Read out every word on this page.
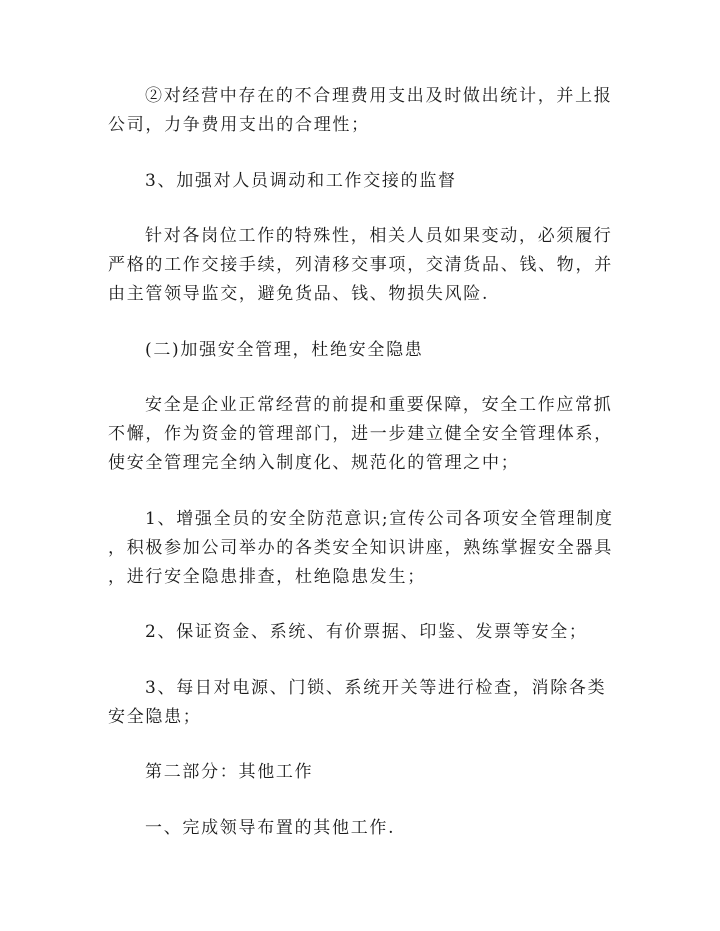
②对经营中存在的不合理费用支出及时做出统计，并上报
公司，力争费用支出的合理性；
3、加强对人员调动和工作交接的监督
针对各岗位工作的特殊性，相关人员如果变动，必须履行
严格的工作交接手续，列清移交事项，交清货品、钱、物，并
由主管领导监交，避免货品、钱、物损失风险.
(二)加强安全管理，杜绝安全隐患
安全是企业正常经营的前提和重要保障，安全工作应常抓
不懈，作为资金的管理部门，进一步建立健全安全管理体系，
使安全管理完全纳入制度化、规范化的管理之中；
1、增强全员的安全防范意识;宣传公司各项安全管理制度
，积极参加公司举办的各类安全知识讲座，熟练掌握安全器具
，进行安全隐患排查，杜绝隐患发生；
2、保证资金、系统、有价票据、印鉴、发票等安全；
3、每日对电源、门锁、系统开关等进行检查，消除各类
安全隐患；
第二部分：其他工作
一、完成领导布置的其他工作.
